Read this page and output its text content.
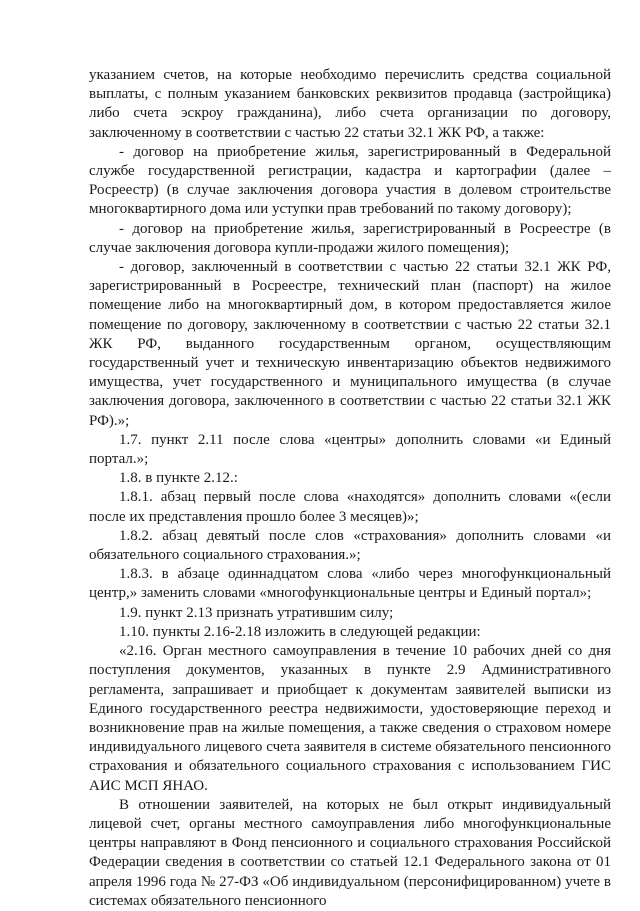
указанием счетов, на которые необходимо перечислить средства социальной выплаты, с полным указанием банковских реквизитов продавца (застройщика) либо счета эскроу гражданина), либо счета организации по договору, заключенному в соответствии с частью 22 статьи 32.1 ЖК РФ, а также:

- договор на приобретение жилья, зарегистрированный в Федеральной службе государственной регистрации, кадастра и картографии (далее – Росреестр) (в случае заключения договора участия в долевом строительстве многоквартирного дома или уступки прав требований по такому договору);

- договор на приобретение жилья, зарегистрированный в Росреестре (в случае заключения договора купли-продажи жилого помещения);

- договор, заключенный в соответствии с частью 22 статьи 32.1 ЖК РФ, зарегистрированный в Росреестре, технический план (паспорт) на жилое помещение либо на многоквартирный дом, в котором предоставляется жилое помещение по договору, заключенному в соответствии с частью 22 статьи 32.1 ЖК РФ, выданного государственным органом, осуществляющим государственный учет и техническую инвентаризацию объектов недвижимого имущества, учет государственного и муниципального имущества (в случае заключения договора, заключенного в соответствии с частью 22 статьи 32.1 ЖК РФ).»;

1.7. пункт 2.11 после слова «центры» дополнить словами «и Единый портал.»;

1.8. в пункте 2.12.:

1.8.1. абзац первый после слова «находятся» дополнить словами «(если после их представления прошло более 3 месяцев)»;

1.8.2. абзац девятый после слов «страхования» дополнить словами «и обязательного социального страхования.»;

1.8.3. в абзаце одиннадцатом слова «либо через многофункциональный центр,» заменить словами «многофункциональные центры и Единый портал»;

1.9. пункт 2.13 признать утратившим силу;

1.10. пункты 2.16-2.18 изложить в следующей редакции:

«2.16. Орган местного самоуправления в течение 10 рабочих дней со дня поступления документов, указанных в пункте 2.9 Административного регламента, запрашивает и приобщает к документам заявителей выписки из Единого государственного реестра недвижимости, удостоверяющие переход и возникновение прав на жилые помещения, а также сведения о страховом номере индивидуального лицевого счета заявителя в системе обязательного пенсионного страхования и обязательного социального страхования с использованием ГИС АИС МСП ЯНАО.

В отношении заявителей, на которых не был открыт индивидуальный лицевой счет, органы местного самоуправления либо многофункциональные центры направляют в Фонд пенсионного и социального страхования Российской Федерации сведения в соответствии со статьей 12.1 Федерального закона от 01 апреля 1996 года № 27-ФЗ «Об индивидуальном (персонифицированном) учете в системах обязательного пенсионного
